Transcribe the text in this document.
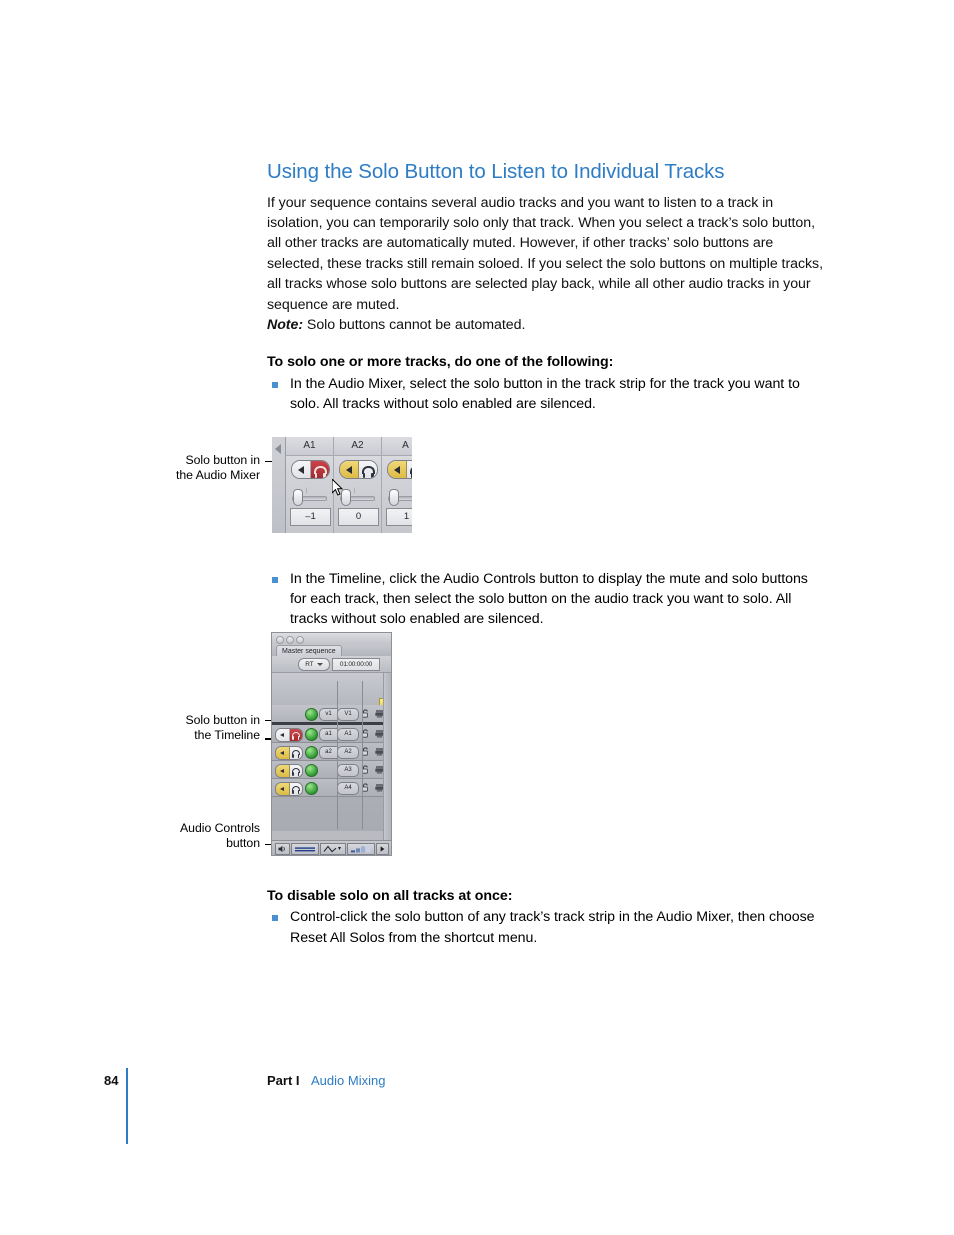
Using the Solo Button to Listen to Individual Tracks

If your sequence contains several audio tracks and you want to listen to a track in isolation, you can temporarily solo only that track. When you select a track’s solo button, all other tracks are automatically muted. However, if other tracks’ solo buttons are selected, these tracks still remain soloed. If you select the solo buttons on multiple tracks, all tracks whose solo buttons are selected play back, while all other audio tracks in your sequence are muted.

Note: Solo buttons cannot be automated.

To solo one or more tracks, do one of the following:
In the Audio Mixer, select the solo button in the track strip for the track you want to solo. All tracks without solo enabled are silenced.
In the Timeline, click the Audio Controls button to display the mute and solo buttons for each track, then select the solo button on the audio track you want to solo. All tracks without solo enabled are silenced.
To disable solo on all tracks at once:
Control-click the solo button of any track’s track strip in the Audio Mixer, then choose Reset All Solos from the shortcut menu.
Solo button in
the Audio Mixer
A1
|
–1
A2
|
0
A
1
Solo button in
the Timeline
Audio Controls
button
Master sequence
RT	01:00:00:00
v1	V1
a1	A1
a2	A2
A3
A4
84	Part I Audio Mixing
